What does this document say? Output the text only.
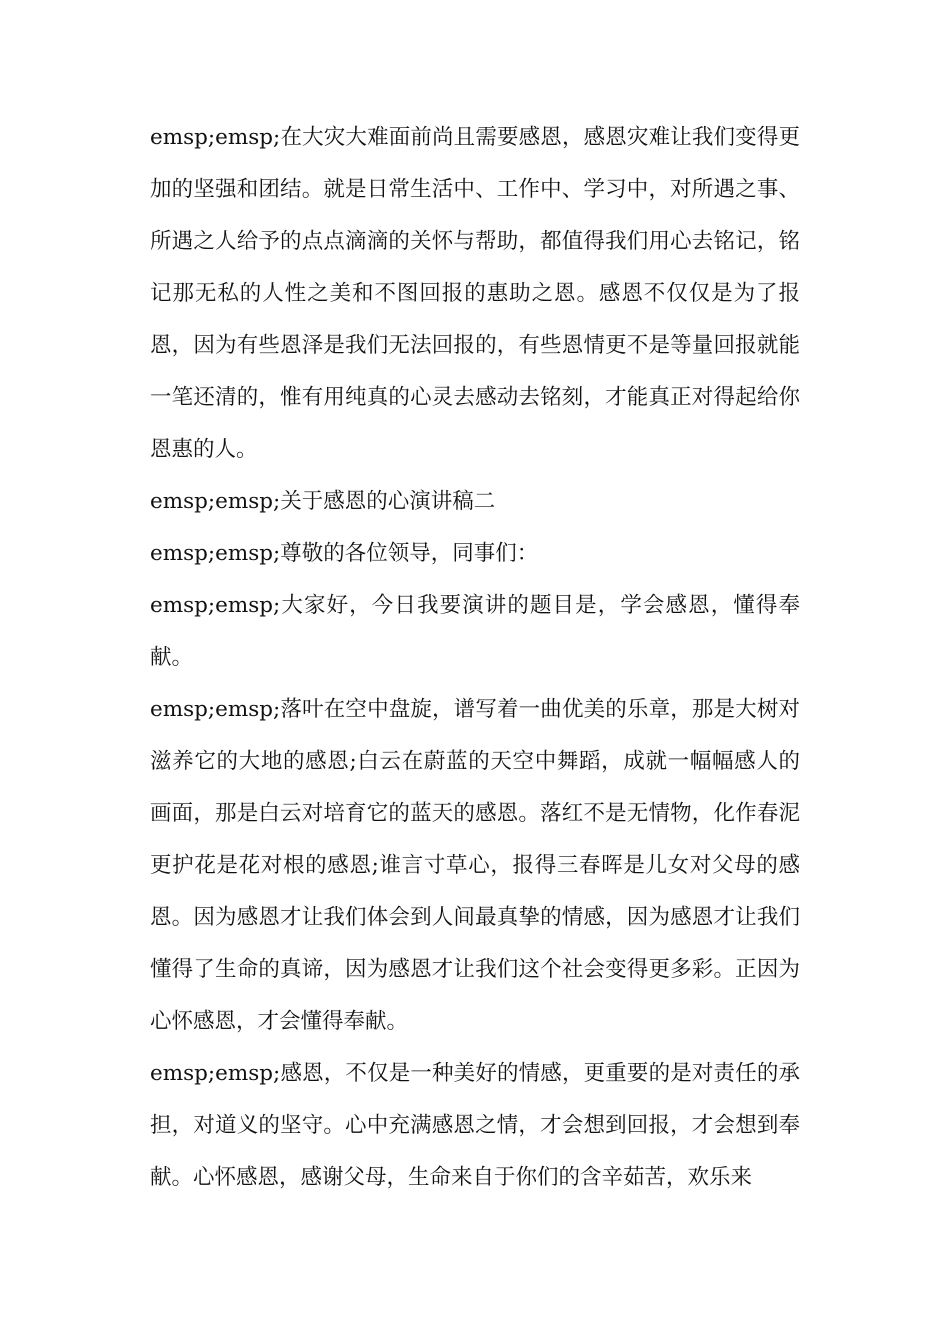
emsp;emsp;在大灾大难面前尚且需要感恩，感恩灾难让我们变得更加的坚强和团结。就是日常生活中、工作中、学习中，对所遇之事、所遇之人给予的点点滴滴的关怀与帮助，都值得我们用心去铭记，铭记那无私的人性之美和不图回报的惠助之恩。感恩不仅仅是为了报恩，因为有些恩泽是我们无法回报的，有些恩情更不是等量回报就能一笔还清的，惟有用纯真的心灵去感动去铭刻，才能真正对得起给你恩惠的人。

emsp;emsp;关于感恩的心演讲稿二

emsp;emsp;尊敬的各位领导，同事们：

emsp;emsp;大家好，今日我要演讲的题目是，学会感恩，懂得奉献。

emsp;emsp;落叶在空中盘旋，谱写着一曲优美的乐章，那是大树对滋养它的大地的感恩;白云在蔚蓝的天空中舞蹈，成就一幅幅感人的画面，那是白云对培育它的蓝天的感恩。落红不是无情物，化作春泥更护花是花对根的感恩;谁言寸草心，报得三春晖是儿女对父母的感恩。因为感恩才让我们体会到人间最真挚的情感，因为感恩才让我们懂得了生命的真谛，因为感恩才让我们这个社会变得更多彩。正因为心怀感恩，才会懂得奉献。

emsp;emsp;感恩，不仅是一种美好的情感，更重要的是对责任的承担，对道义的坚守。心中充满感恩之情，才会想到回报，才会想到奉献。心怀感恩，感谢父母，生命来自于你们的含辛茹苦，欢乐来
